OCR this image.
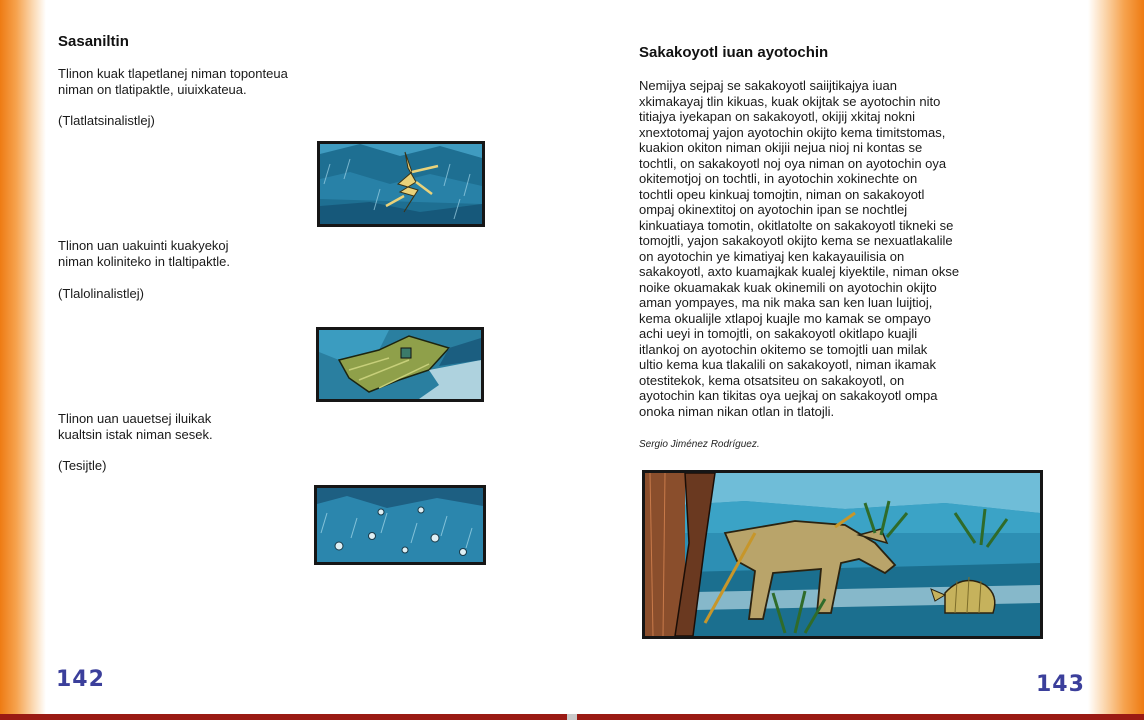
Sasaniltin

Tlinon kuak tlapetlanej niman toponteua
niman on tlatipaktle, uiuixkateua.

(Tlatlatsinalistlej)

Tlinon uan uakuinti kuakyekoj
niman koliniteko in tlaltipaktle.

(Tlalolinalistlej)

Tlinon uan uauetsej iluikak
kualtsin istak niman sesek.

(Tesijtle)

142
Sakakoyotl iuan ayotochin

Nemijya sejpaj se sakakoyotl saiijtikajya iuan
xkimakayaj tlin kikuas, kuak okijtak se ayotochin nito
titiajya iyekapan on sakakoyotl, okijij xkitaj nokni
xnextotomaj yajon ayotochin okijto kema timitstomas,
kuakion okiton niman okijii nejua nioj ni kontas se
tochtli, on sakakoyotl noj oya niman on ayotochin oya
okitemotjoj on tochtli, in ayotochin xokinechte on
tochtli opeu kinkuaj tomojtin, niman on sakakoyotl
ompaj okinextitoj on ayotochin ipan se nochtlej
kinkuatiaya tomotin, okitlatolte on sakakoyotl tikneki se
tomojtli, yajon sakakoyotl okijto kema se nexuatlakalile
on ayotochin ye kimatiyaj ken kakayauilisia on
sakakoyotl, axto kuamajkak kualej kiyektile, niman okse
noike okuamakak kuak okinemili on ayotochin okijto
aman yompayes, ma nik maka san ken luan luijtioj,
kema okualijle xtlapoj kuajle mo kamak se ompayo
achi ueyi in tomojtli, on sakakoyotl okitlapo kuajli
itlankoj on ayotochin okitemo se tomojtli uan milak
ultio kema kua tlakalili on sakakoyotl, niman ikamak
otestitekok, kema otsatsiteu on sakakoyotl, on
ayotochin kan tikitas oya uejkaj on sakakoyotl ompa
onoka niman nikan otlan in tlatojli.

Sergio Jiménez Rodríguez.

143
